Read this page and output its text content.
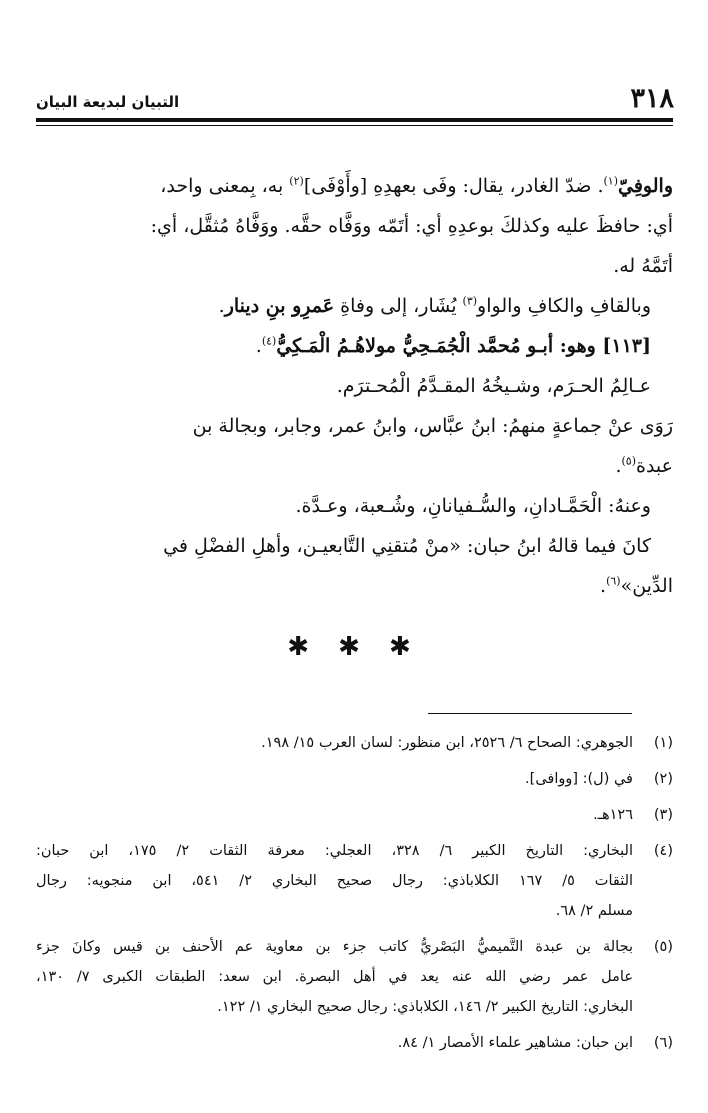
٣١٨
التبيان لبديعة البيان

والوفِيّ$^{(١)}$. ضدّ الغادر، يقال: وفَى بعهدِهِ [وأَوْفَى]$^{(٢)}$ به، بِمعنى واحد،

أي: حافظَ عليه وكذلكَ بوعدِهِ أي: أتَمّه ووَفَّاه حقَّه. ووَفَّاهُ مُثقَّل، أي:

أتَمَّهُ له.

وبالقافِ والكافِ والواو$^{(٣)}$ يُشَار، إلى وفاةِ عَمرِو بنِ دينار.

[١١٣] وهو: أبـو مُحمَّد الْجُمَـحِيُّ مولاهُـمُ الْمَـكِيُّ$^{(٤)}$.

عـالِمُ الحـرَم، وشـيخُهُ المقـدَّمُ الْمُحـترَم.

رَوَى عنْ جماعةٍ منهمُ: ابنُ عبَّاس، وابنُ عمر، وجابر، وبجالة بن

عبدة$^{(٥)}$.

وعنهُ: الْحَمَّـادانِ، والسُّـفيانانِ، وشُـعبة، وعـدَّة.

كانَ فيما قالهُ ابنُ حبان: «منْ مُتقنِي التَّابعيـن، وأهلِ الفضْلِ في

الدِّين»$^{(٦)}$.

✱ ✱ ✱
(١)
الجوهري: الصحاح ٦/ ٢٥٢٦، ابن منظور: لسان العرب ١٥/ ١٩٨.
(٢)
في (ل): [ووافى].
(٣)
١٢٦هـ.
(٤)
البخاري: التاريخ الكبير ٦/ ٣٢٨، العجلي: معرفة الثقات ٢/ ١٧٥، ابن حبان:
الثقات ٥/ ١٦٧ الكلاباذي: رجال صحيح البخاري ٢/ ٥٤١، ابن منجويه: رجال
مسلم ٢/ ٦٨.
(٥)
بجالة بن عبدة التَّميميُّ البَصْريُّ كاتب جزء بن معاوية عم الأحنف بن قيس وكانَ جزء
عامل عمر رضي الله عنه يعد في أهل البصرة. ابن سعد: الطبقات الكبرى ٧/ ١٣٠،
البخاري: التاريخ الكبير ٢/ ١٤٦، الكلاباذي: رجال صحيح البخاري ١/ ١٢٢.
(٦)
ابن حبان: مشاهير علماء الأمصار ١/ ٨٤.
